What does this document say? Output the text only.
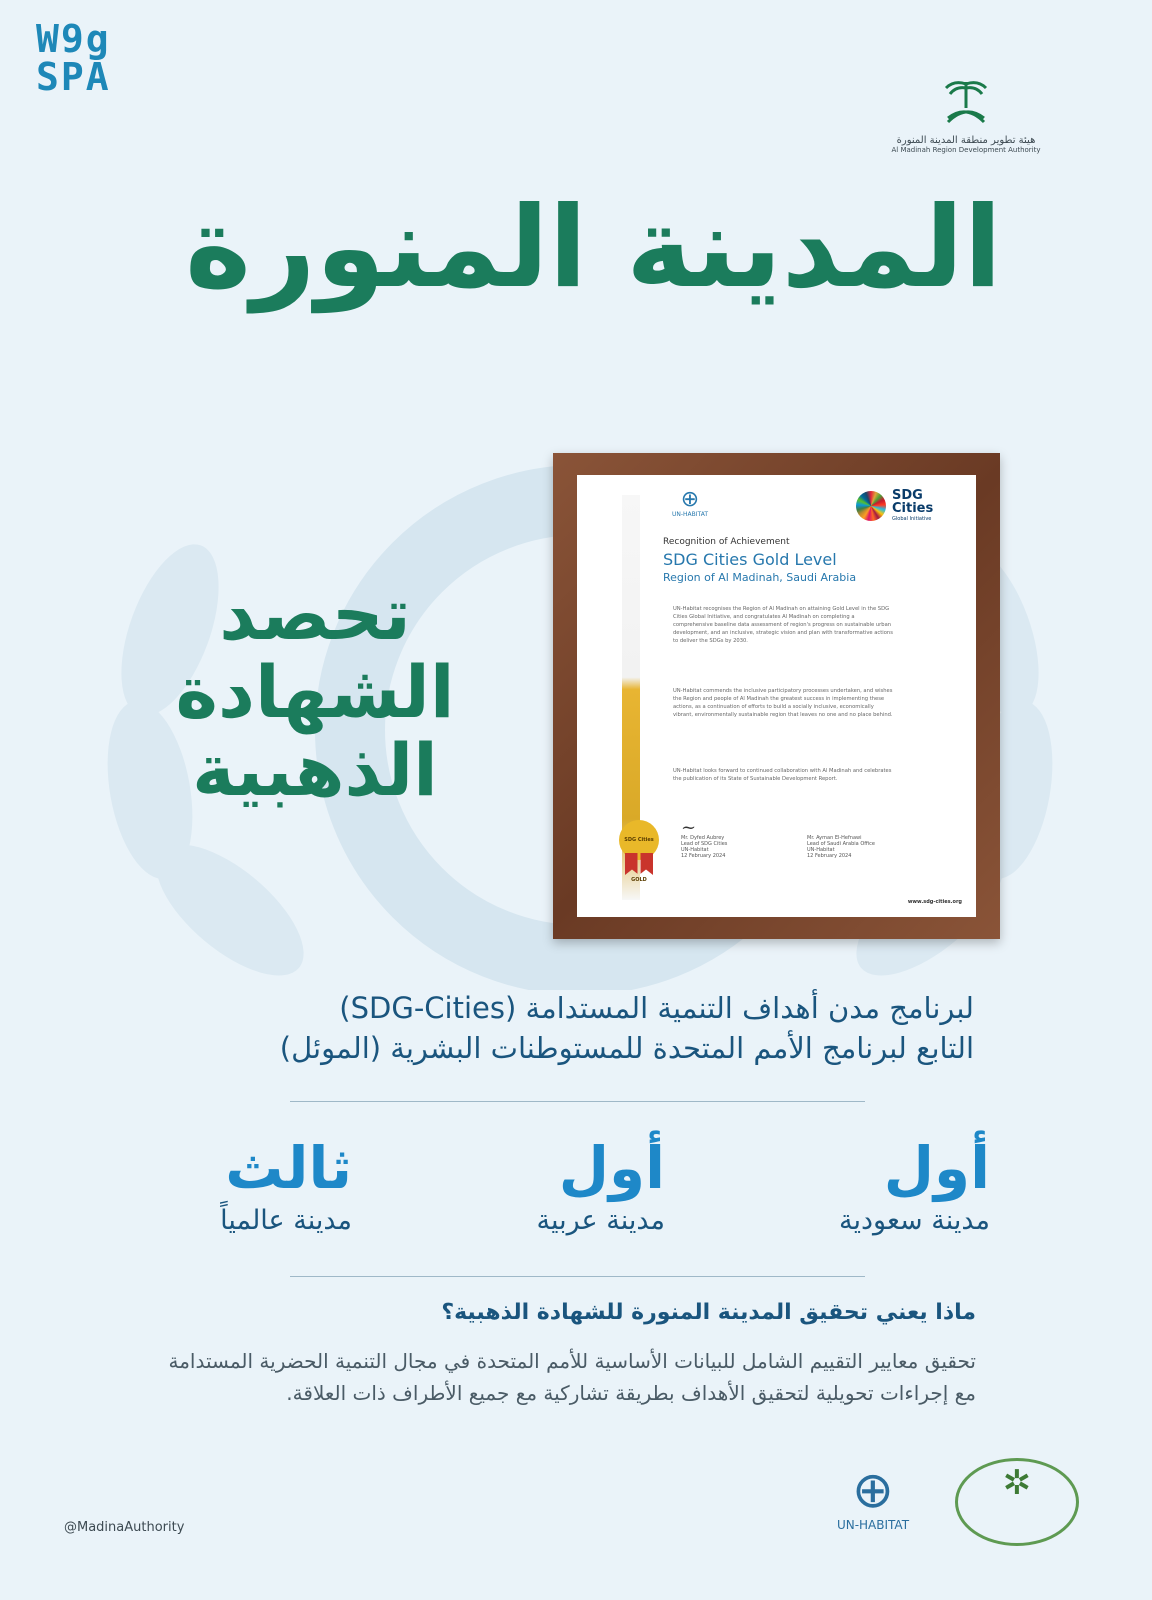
W9g
SPA
هيئة تطوير منطقة المدينة المنورة
Al Madinah Region Development Authority
المدينة المنورة
تحصد
الشهادة
الذهبية
⊕
UN-HABITAT
SDG Cities
Global Initiative
Recognition of Achievement
SDG Cities Gold Level
Region of Al Madinah, Saudi Arabia
UN-Habitat recognises the Region of Al Madinah on attaining Gold Level in the SDG Cities Global Initiative, and congratulates Al Madinah on completing a comprehensive baseline data assessment of region's progress on sustainable urban development, and an inclusive, strategic vision and plan with transformative actions to deliver the SDGs by 2030.
UN-Habitat commends the inclusive participatory processes undertaken, and wishes the Region and people of Al Madinah the greatest success in implementing these actions, as a continuation of efforts to build a socially inclusive, economically vibrant, environmentally sustainable region that leaves no one and no place behind.
UN-Habitat looks forward to continued collaboration with Al Madinah and celebrates the publication of its State of Sustainable Development Report.
SDG Cities GOLD
~
Mr. Dyfed Aubrey
Lead of SDG Cities
UN-Habitat
12 February 2024
Mr. Ayman El-Hefnawi
Lead of Saudi Arabia Office
UN-Habitat
12 February 2024
www.sdg-cities.org
لبرنامج مدن أهداف التنمية المستدامة (SDG-Cities)
التابع لبرنامج الأمم المتحدة للمستوطنات البشرية (الموئل)
أول
مدينة سعودية
أول
مدينة عربية
ثالث
مدينة عالمياً
ماذا يعني تحقيق المدينة المنورة للشهادة الذهبية؟
تحقيق معايير التقييم الشامل للبيانات الأساسية للأمم المتحدة في مجال التنمية الحضرية المستدامة مع إجراءات تحويلية لتحقيق الأهداف بطريقة تشاركية مع جميع الأطراف ذات العلاقة.
@MadinaAuthority
⊕
UN-HABITAT
✲
